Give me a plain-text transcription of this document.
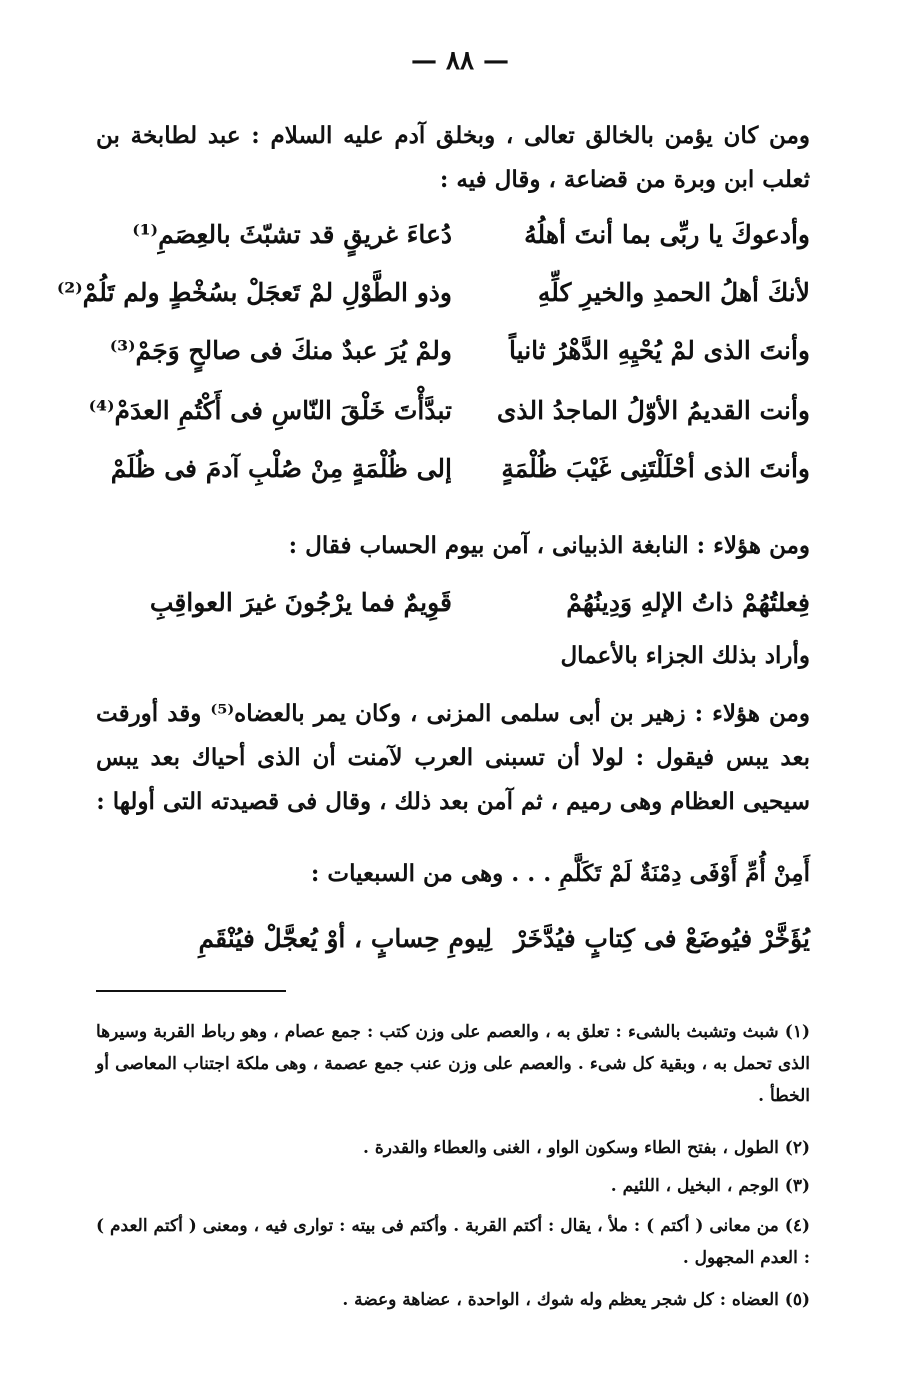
— ٨٨ —
ومن كان يؤمن بالخالق تعالى ، وبخلق آدم عليه السلام : عبد لطابخة بن ثعلب ابن وبرة من قضاعة ، وقال فيه :
وأدعوكَ يا ربِّى بما أنتَ أهلُهُ
دُعاءَ غريقٍ قد تشبّثَ بالعِصَمِ⁽¹⁾
لأنكَ أهلُ الحمدِ والخيرِ كلِّهِ
وذو الطَّوْلِ لمْ تَعجَلْ بسُخْطٍ ولم تَلُمْ⁽²⁾
وأنتَ الذى لمْ يُحْيِهِ الدَّهْرُ ثانياً
ولمْ يُرَ عبدٌ منكَ فى صالحٍ وَجَمْ⁽³⁾
وأنت القديمُ الأوّلُ الماجدُ الذى
تبدَّأْتَ خَلْقَ النّاسِ فى أَكْتُمِ العدَمْ⁽⁴⁾
وأنتَ الذى أحْلَلْتَنِى غَيْبَ ظُلْمَةٍ
إلى ظُلْمَةٍ مِنْ صُلْبِ آدمَ فى ظُلَمْ
ومن هؤلاء : النابغة الذبيانى ، آمن بيوم الحساب فقال :
فِعلتُهُمْ ذاتُ الإلهِ وَدِينُهُمْ
قَوِيمٌ فما يرْجُونَ غيرَ العواقِبِ
وأراد بذلك الجزاء بالأعمال
ومن هؤلاء : زهير بن أبى سلمى المزنى ، وكان يمر بالعضاه⁽⁵⁾ وقد أورقت بعد يبس فيقول : لولا أن تسبنى العرب لآمنت أن الذى أحياك بعد يبس سيحيى العظام وهى رميم ، ثم آمن بعد ذلك ، وقال فى قصيدته التى أولها :
أَمِنْ أُمِّ أَوْفَى دِمْنَةٌ لَمْ تَكَلَّمِ . . . وهى من السبعيات :
يُؤَخَّرْ فيُوضَعْ فى كِتابٍ فيُدَّخَرْ
لِيومِ حِسابٍ ، أوْ يُعجَّلْ فيُنْقَمِ
(١) شبث وتشبث بالشىء : تعلق به ، والعصم على وزن كتب : جمع عصام ، وهو رباط القربة وسيرها الذى تحمل به ، وبقية كل شىء . والعصم على وزن عنب جمع عصمة ، وهى ملكة اجتناب المعاصى أو الخطأ .
(٢) الطول ، بفتح الطاء وسكون الواو ، الغنى والعطاء والقدرة .
(٣) الوجم ، البخيل ، اللئيم .
(٤) من معانى ( أكتم ) : ملأ ، يقال : أكتم القربة . وأكتم فى بيته : توارى فيه ، ومعنى ( أكتم العدم ) : العدم المجهول .
(٥) العضاه : كل شجر يعظم وله شوك ، الواحدة ، عضاهة وعضة .
